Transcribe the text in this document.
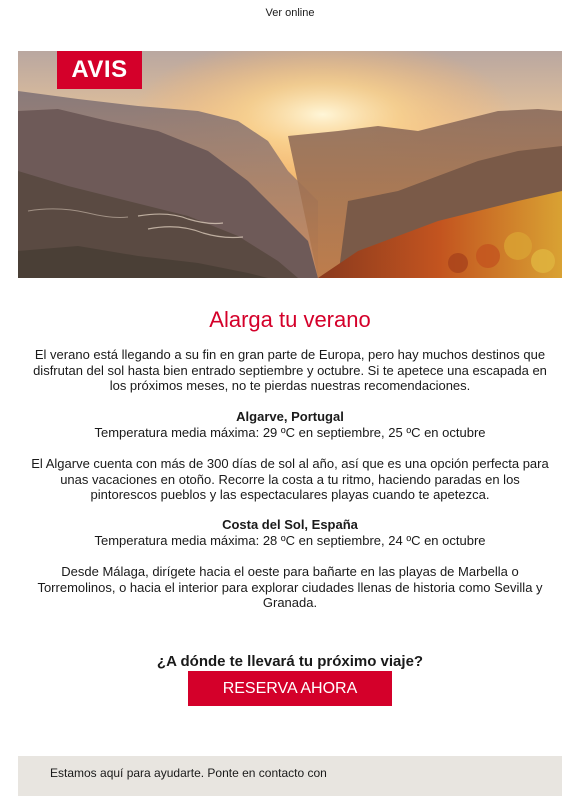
Ver online
AVIS
Alarga tu verano

El verano está llegando a su fin en gran parte de Europa, pero hay muchos destinos que disfrutan del sol hasta bien entrado septiembre y octubre. Si te apetece una escapada en los próximos meses, no te pierdas nuestras recomendaciones.

Algarve, Portugal

Temperatura media máxima: 29 ºC en septiembre, 25 ºC en octubre

El Algarve cuenta con más de 300 días de sol al año, así que es una opción perfecta para unas vacaciones en otoño. Recorre la costa a tu ritmo, haciendo paradas en los pintorescos pueblos y las espectaculares playas cuando te apetezca.

Costa del Sol, España

Temperatura media máxima: 28 ºC en septiembre, 24 ºC en octubre

Desde Málaga, dirígete hacia el oeste para bañarte en las playas de Marbella o Torremolinos, o hacia el interior para explorar ciudades llenas de historia como Sevilla y Granada.

¿A dónde te llevará tu próximo viaje?

RESERVA AHORA
Estamos aquí para ayudarte. Ponte en contacto con
